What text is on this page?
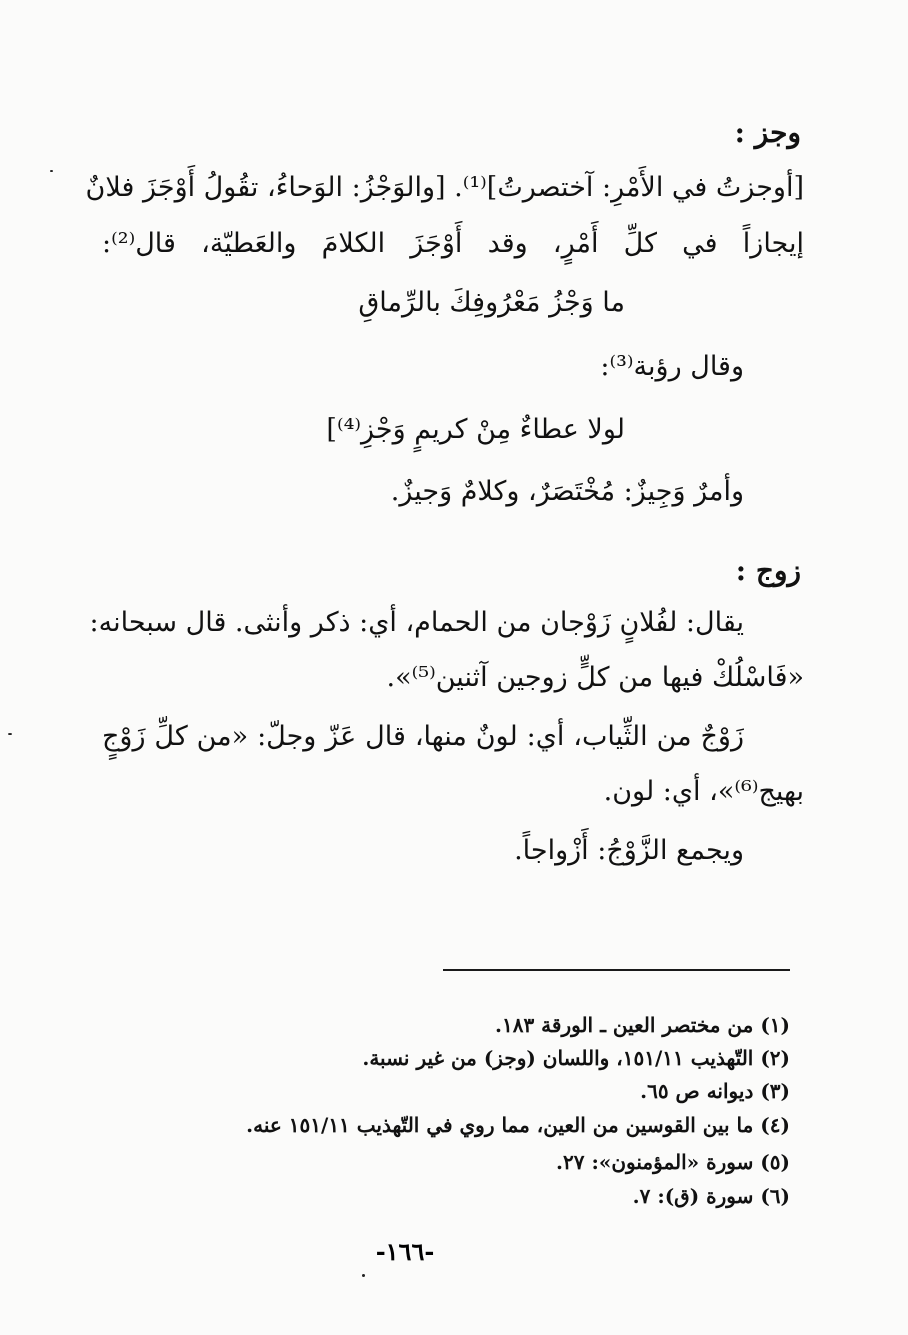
وجز :
[أوجزتُ في الأَمْرِ: آختصرتُ]⁽¹⁾. [والوَجْزُ: الوَحاءُ، تقُولُ أَوْجَزَ فلانٌ
إيجازاً في كلِّ أَمْرٍ، وقد أَوْجَزَ الكلامَ والعَطيّة، قال⁽²⁾:
ما وَجْزُ مَعْرُوفِكَ بالرِّماقِ
وقال رؤبة⁽³⁾:
لولا عطاءٌ مِنْ كريمٍ وَجْزِ⁽⁴⁾]
وأمرٌ وَجِيزٌ: مُخْتَصَرٌ، وكلامٌ وَجيزٌ.
زوج :
يقال: لفُلانٍ زَوْجان من الحمام، أي: ذكر وأنثى. قال سبحانه:
«فَاسْلُكْ فيها من كلٍّ زوجين آثنين⁽⁵⁾».
زَوْجٌ من الثِّياب، أي: لونٌ منها، قال عَزّ وجلّ: «من كلِّ زَوْجٍ
بهيج⁽⁶⁾»، أي: لون.
ويجمع الزَّوْجُ: أَزْواجاً.
(١) من مختصر العين ـ الورقة ١٨٣.
(٢) التّهذيب ١٥١/١١، واللسان (وجز) من غير نسبة.
(٣) ديوانه ص ٦٥.
(٤) ما بين القوسين من العين، مما روي في التّهذيب ١٥١/١١ عنه.
(٥) سورة «المؤمنون»: ٢٧.
(٦) سورة (ق): ٧.
-١٦٦-
